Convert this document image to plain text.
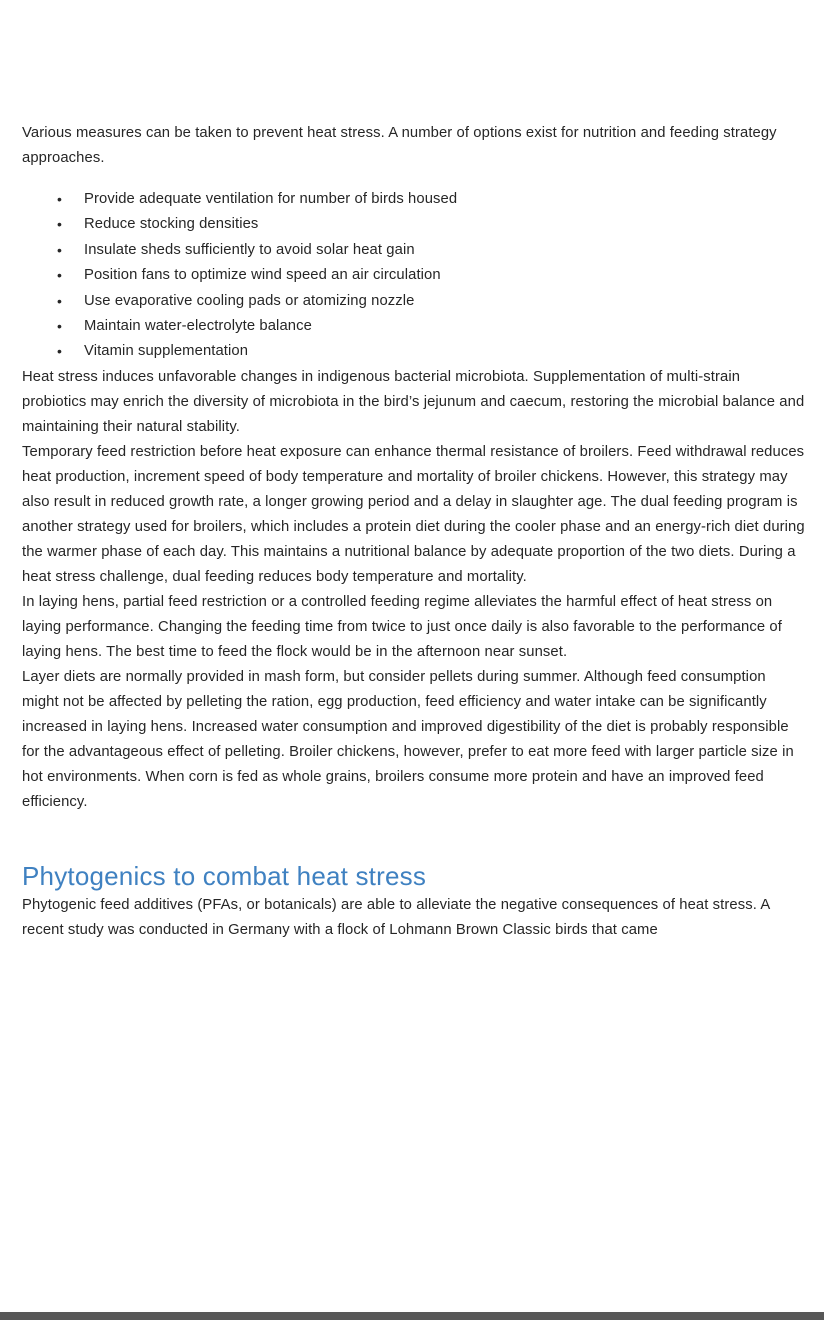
Various measures can be taken to prevent heat stress. A number of options exist for nutrition and feeding strategy approaches.

• Provide adequate ventilation for number of birds housed
• Reduce stocking densities
• Insulate sheds sufficiently to avoid solar heat gain
• Position fans to optimize wind speed an air circulation
• Use evaporative cooling pads or atomizing nozzle
• Maintain water-electrolyte balance
• Vitamin supplementation

Heat stress induces unfavorable changes in indigenous bacterial microbiota. Supplementation of multi-strain probiotics may enrich the diversity of microbiota in the bird’s jejunum and caecum, restoring the microbial balance and maintaining their natural stability.

Temporary feed restriction before heat exposure can enhance thermal resistance of broilers. Feed withdrawal reduces heat production, increment speed of body temperature and mortality of broiler chickens. However, this strategy may also result in reduced growth rate, a longer growing period and a delay in slaughter age. The dual feeding program is another strategy used for broilers, which includes a protein diet during the cooler phase and an energy-rich diet during the warmer phase of each day. This maintains a nutritional balance by adequate proportion of the two diets. During a heat stress challenge, dual feeding reduces body temperature and mortality.

In laying hens, partial feed restriction or a controlled feeding regime alleviates the harmful effect of heat stress on laying performance. Changing the feeding time from twice to just once daily is also favorable to the performance of laying hens. The best time to feed the flock would be in the afternoon near sunset.

Layer diets are normally provided in mash form, but consider pellets during summer. Although feed consumption might not be affected by pelleting the ration, egg production, feed efficiency and water intake can be significantly increased in laying hens. Increased water consumption and improved digestibility of the diet is probably responsible for the advantageous effect of pelleting. Broiler chickens, however, prefer to eat more feed with larger particle size in hot environments. When corn is fed as whole grains, broilers consume more protein and have an improved feed efficiency.

Phytogenics to combat heat stress

Phytogenic feed additives (PFAs, or botanicals) are able to alleviate the negative consequences of heat stress. A recent study was conducted in Germany with a flock of Lohmann Brown Classic birds that came
